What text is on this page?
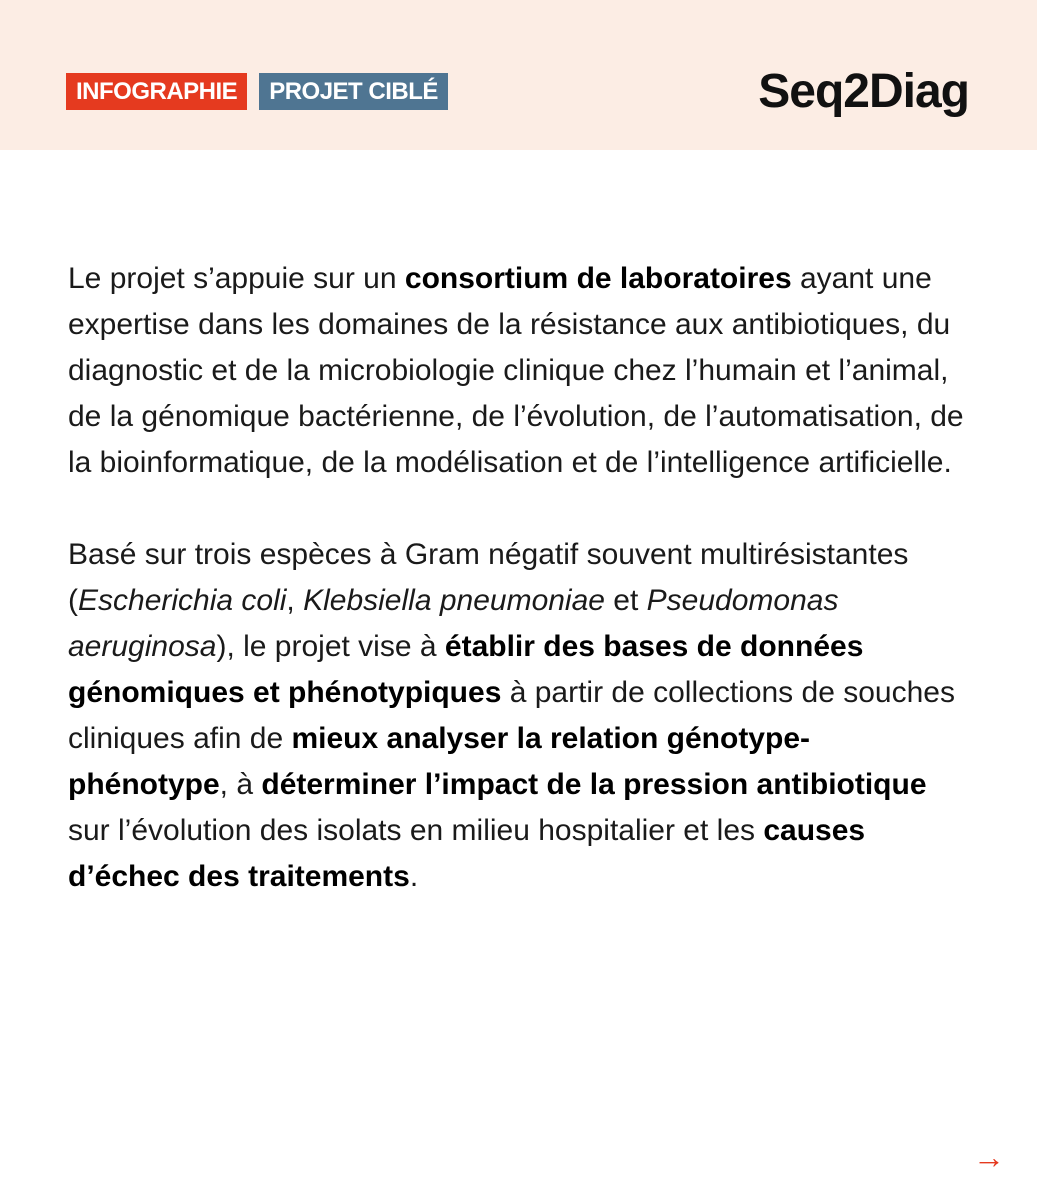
INFOGRAPHIE	PROJET CIBLÉ	Seq2Diag

Le projet s’appuie sur un consortium de laboratoires ayant une expertise dans les domaines de la résistance aux antibiotiques, du diagnostic et de la microbiologie clinique chez l’humain et l’animal, de la génomique bactérienne, de l’évolution, de l’automatisation, de la bioinformatique, de la modélisation et de l’intelligence artificielle.

Basé sur trois espèces à Gram négatif souvent multirésistantes (Escherichia coli, Klebsiella pneumoniae et Pseudomonas aeruginosa), le projet vise à établir des bases de données génomiques et phénotypiques à partir de collections de souches cliniques afin de mieux analyser la relation génotype-phénotype, à déterminer l’impact de la pression antibiotique sur l’évolution des isolats en milieu hospitalier et les causes d’échec des traitements.

→
